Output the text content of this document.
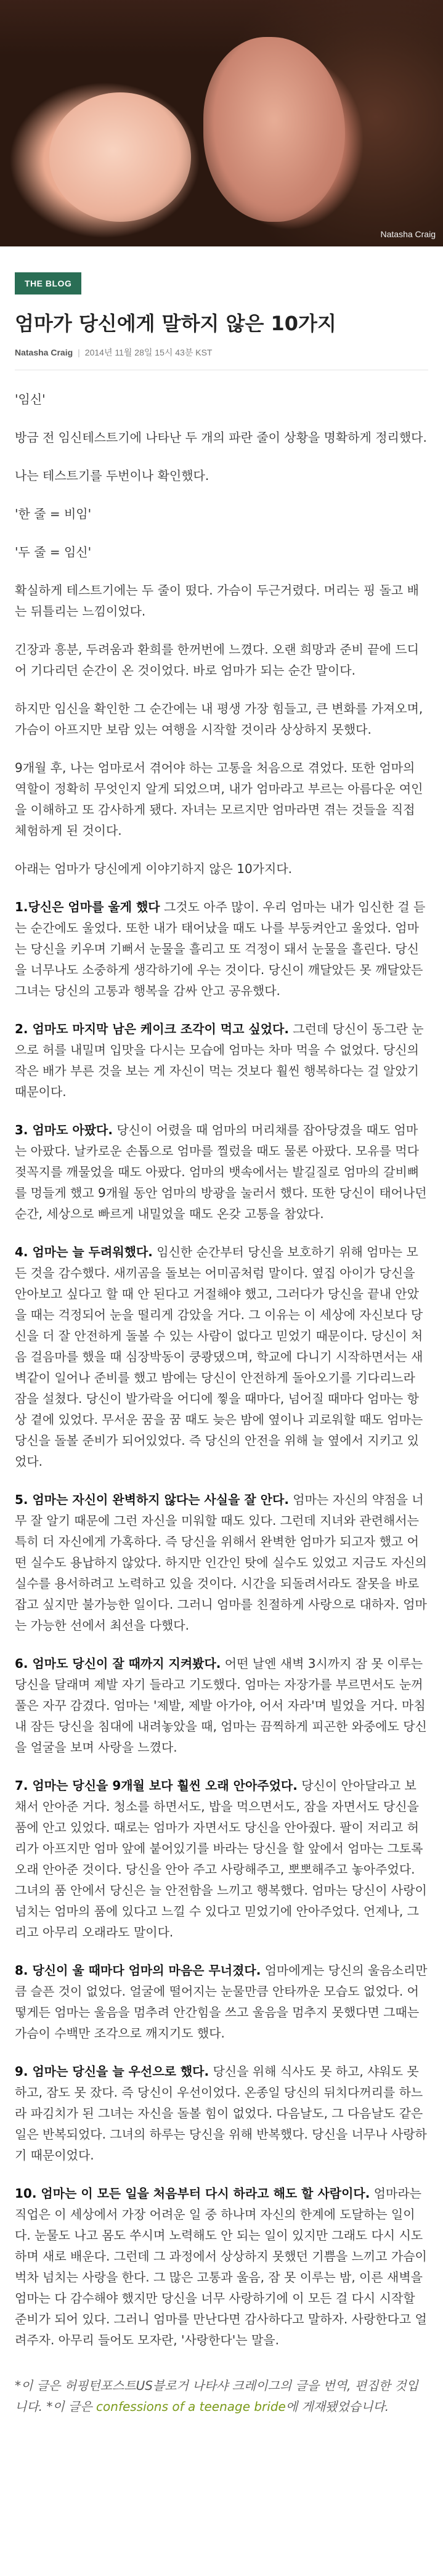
Natasha Craig
THE BLOG
엄마가 당신에게 말하지 않은 10가지
Natasha Craig | 2014년 11월 28일 15시 43분 KST

'임신'

방금 전 임신테스트기에 나타난 두 개의 파란 줄이 상황을 명확하게 정리했다.

나는 테스트기를 두번이나 확인했다.

'한 줄 = 비임'

'두 줄 = 임신'

확실하게 테스트기에는 두 줄이 떴다. 가슴이 두근거렸다. 머리는 핑 돌고 배는 뒤틀리는 느낌이었다.

긴장과 흥분, 두려움과 환희를 한꺼번에 느꼈다. 오랜 희망과 준비 끝에 드디어 기다리던 순간이 온 것이었다. 바로 엄마가 되는 순간 말이다.

하지만 임신을 확인한 그 순간에는 내 평생 가장 힘들고, 큰 변화를 가져오며, 가슴이 아프지만 보람 있는 여행을 시작할 것이라 상상하지 못했다.

9개월 후, 나는 엄마로서 겪어야 하는 고통을 처음으로 겪었다. 또한 엄마의 역할이 정확히 무엇인지 알게 되었으며, 내가 엄마라고 부르는 아름다운 여인을 이해하고 또 감사하게 됐다. 자녀는 모르지만 엄마라면 겪는 것들을 직접 체험하게 된 것이다.

아래는 엄마가 당신에게 이야기하지 않은 10가지다.

1.당신은 엄마를 울게 했다 그것도 아주 많이. 우리 엄마는 내가 임신한 걸 듣는 순간에도 울었다. 또한 내가 태어났을 때도 나를 부둥켜안고 울었다. 엄마는 당신을 키우며 기뻐서 눈물을 흘리고 또 걱정이 돼서 눈물을 흘린다. 당신을 너무나도 소중하게 생각하기에 우는 것이다. 당신이 깨달았든 못 깨달았든 그녀는 당신의 고통과 행복을 감싸 안고 공유했다.

2. 엄마도 마지막 남은 케이크 조각이 먹고 싶었다. 그런데 당신이 동그란 눈으로 허를 내밀며 입맛을 다시는 모습에 엄마는 차마 먹을 수 없었다. 당신의 작은 배가 부른 것을 보는 게 자신이 먹는 것보다 훨씬 행복하다는 걸 알았기 때문이다.

3. 엄마도 아팠다. 당신이 어렸을 때 엄마의 머리채를 잡아당겼을 때도 엄마는 아팠다. 날카로운 손톱으로 엄마를 찔렀을 때도 물론 아팠다. 모유를 먹다 젖꼭지를 깨물었을 때도 아팠다. 엄마의 뱃속에서는 발길질로 엄마의 갈비뼈를 멍들게 했고 9개월 동안 엄마의 방광을 눌러서 했다. 또한 당신이 태어나던 순간, 세상으로 빠르게 내밀었을 때도 온갖 고통을 참았다.

4. 엄마는 늘 두려워했다. 임신한 순간부터 당신을 보호하기 위해 엄마는 모든 것을 감수했다. 새끼곰을 돌보는 어미곰처럼 말이다. 옆집 아이가 당신을 안아보고 싶다고 할 때 안 된다고 거절해야 했고, 그러다가 당신을 끝내 안았을 때는 걱정되어 눈을 떨리게 감았을 거다. 그 이유는 이 세상에 자신보다 당신을 더 잘 안전하게 돌볼 수 있는 사람이 없다고 믿었기 때문이다. 당신이 처음 걸음마를 했을 때 심장박동이 쿵쾅댔으며, 학교에 다니기 시작하면서는 새벽같이 일어나 준비를 했고 밤에는 당신이 안전하게 돌아오기를 기다리느라 잠을 설쳤다. 당신이 발가락을 어디에 찧을 때마다, 넘어질 때마다 엄마는 항상 곁에 있었다. 무서운 꿈을 꿈 때도 늦은 밤에 옆이나 괴로워할 때도 엄마는 당신을 돌볼 준비가 되어있었다. 즉 당신의 안전을 위해 늘 옆에서 지키고 있었다.

5. 엄마는 자신이 완벽하지 않다는 사실을 잘 안다. 엄마는 자신의 약점을 너무 잘 알기 때문에 그런 자신을 미워할 때도 있다. 그런데 지녀와 관련해서는 특히 더 자신에게 가혹하다. 즉 당신을 위해서 완벽한 엄마가 되고자 했고 어떤 실수도 용납하지 않았다. 하지만 인간인 탓에 실수도 있었고 지금도 자신의 실수를 용서하려고 노력하고 있을 것이다. 시간을 되돌려서라도 잘못을 바로잡고 싶지만 불가능한 일이다. 그러니 엄마를 친절하게 사랑으로 대하자. 엄마는 가능한 선에서 최선을 다했다.

6. 엄마도 당신이 잘 때까지 지켜봤다. 어떤 날엔 새벽 3시까지 잠 못 이루는 당신을 달래며 제발 자기 들라고 기도했다. 엄마는 자장가를 부르면서도 눈꺼풀은 자꾸 감겼다. 엄마는 '제발, 제발 아가야, 어서 자라'며 빌었을 거다. 마침내 잠든 당신을 침대에 내려놓았을 때, 엄마는 끔찍하게 피곤한 와중에도 당신을 얼굴을 보며 사랑을 느꼈다.

7. 엄마는 당신을 9개월 보다 훨씬 오래 안아주었다. 당신이 안아달라고 보채서 안아준 거다. 청소를 하면서도, 밥을 먹으면서도, 잠을 자면서도 당신을 품에 안고 있었다. 때로는 엄마가 자면서도 당신을 안아줬다. 팔이 저리고 허리가 아프지만 엄마 앞에 붙어있기를 바라는 당신을 할 앞에서 엄마는 그토록 오래 안아준 것이다. 당신을 안아 주고 사랑해주고, 뽀뽀해주고 놓아주었다. 그녀의 품 안에서 당신은 늘 안전함을 느끼고 행복했다. 엄마는 당신이 사랑이 넘치는 엄마의 품에 있다고 느낄 수 있다고 믿었기에 안아주었다. 언제나, 그리고 아무리 오래라도 말이다.

8. 당신이 울 때마다 엄마의 마음은 무너졌다. 엄마에게는 당신의 울음소리만큼 슬픈 것이 없었다. 얼굴에 떨어지는 눈물만큼 안타까운 모습도 없었다. 어떻게든 엄마는 울음을 멈추려 안간힘을 쓰고 울음을 멈추지 못했다면 그때는 가슴이 수백만 조각으로 깨지기도 했다.

9. 엄마는 당신을 늘 우선으로 했다. 당신을 위해 식사도 못 하고, 샤워도 못 하고, 잠도 못 잤다. 즉 당신이 우선이었다. 온종일 당신의 뒤치다꺼리를 하느라 파김치가 된 그녀는 자신을 돌볼 힘이 없었다. 다음날도, 그 다음날도 같은 일은 반복되었다. 그녀의 하루는 당신을 위해 반복했다. 당신을 너무나 사랑하기 때문이었다.

10. 엄마는 이 모든 일을 처음부터 다시 하라고 해도 할 사람이다. 엄마라는 직업은 이 세상에서 가장 어려운 일 중 하나며 자신의 한계에 도달하는 일이다. 눈물도 나고 몸도 쑤시며 노력해도 안 되는 일이 있지만 그래도 다시 시도하며 새로 배운다. 그런데 그 과정에서 상상하지 못했던 기쁨을 느끼고 가슴이 벅차 넘치는 사랑을 한다. 그 많은 고통과 울음, 잠 못 이루는 밤, 이른 새벽을 엄마는 다 감수해야 했지만 당신을 너무 사랑하기에 이 모든 걸 다시 시작할 준비가 되어 있다. 그러니 엄마를 만난다면 감사하다고 말하자. 사랑한다고 얼려주자. 아무리 들어도 모자란, '사랑한다'는 말을.

*이 글은 허핑턴포스트US블로거 나타샤 크레이그의 글을 번역, 편집한 것입니다. *이 글은 confessions of a teenage bride에 게재됐었습니다.
